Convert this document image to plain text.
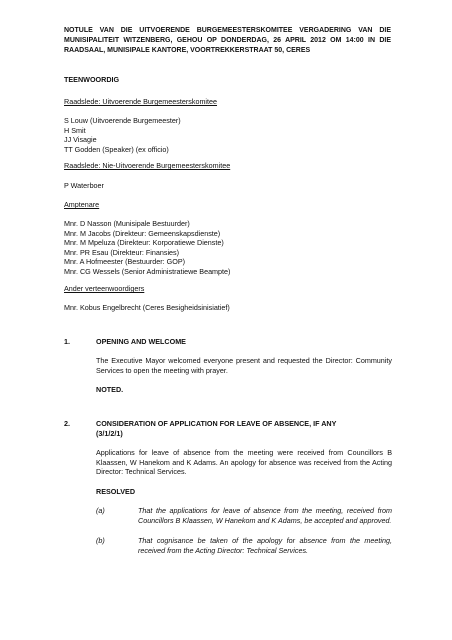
NOTULE VAN DIE UITVOERENDE BURGEMEESTERSKOMITEE VERGADERING VAN DIE MUNISIPALITEIT WITZENBERG, GEHOU OP DONDERDAG, 26 APRIL 2012 OM 14:00 IN DIE RAADSAAL, MUNISIPALE KANTORE, VOORTREKKERSTRAAT 50, CERES
TEENWOORDIG
Raadslede: Uitvoerende Burgemeesterskomitee
S Louw (Uitvoerende Burgemeester)
H Smit
JJ Visagie
TT Godden (Speaker) (ex officio)
Raadslede: Nie-Uitvoerende Burgemeesterskomitee
P Waterboer
Amptenare
Mnr. D Nasson (Munisipale Bestuurder)
Mnr. M Jacobs (Direkteur: Gemeenskapsdienste)
Mnr. M Mpeluza (Direkteur: Korporatiewe Dienste)
Mnr. PR Esau (Direkteur: Finansies)
Mnr. A Hofmeester (Bestuurder: GOP)
Mnr. CG Wessels (Senior Administratiewe Beampte)
Ander verteenwoordigers
Mnr. Kobus Engelbrecht (Ceres Besigheidsinisiatief)
1.	OPENING AND WELCOME
The Executive Mayor welcomed everyone present and requested the Director: Community Services to open the meeting with prayer.
NOTED.
2.	CONSIDERATION OF APPLICATION FOR LEAVE OF ABSENCE, IF ANY
(3/1/2/1)
Applications for leave of absence from the meeting were received from Councillors B Klaassen, W Hanekom and K Adams. An apology for absence was received from the Acting Director: Technical Services.
RESOLVED
(a)	That the applications for leave of absence from the meeting, received from Councillors B Klaassen, W Hanekom and K Adams, be accepted and approved.
(b)	That cognisance be taken of the apology for absence from the meeting, received from the Acting Director: Technical Services.
